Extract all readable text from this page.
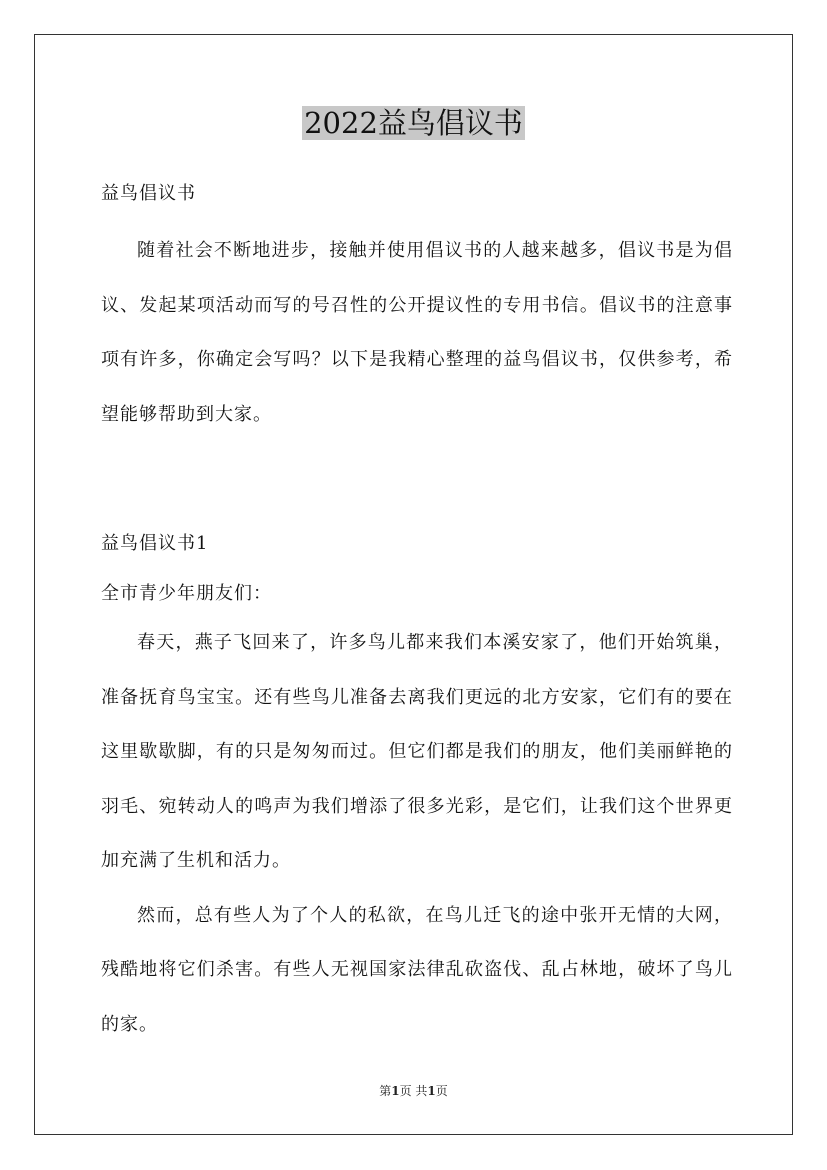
2022益鸟倡议书

益鸟倡议书

随着社会不断地进步，接触并使用倡议书的人越来越多，倡议书是为倡议、发起某项活动而写的号召性的公开提议性的专用书信。倡议书的注意事项有许多，你确定会写吗？以下是我精心整理的益鸟倡议书，仅供参考，希望能够帮助到大家。

益鸟倡议书1

全市青少年朋友们：

春天，燕子飞回来了，许多鸟儿都来我们本溪安家了，他们开始筑巢，准备抚育鸟宝宝。还有些鸟儿准备去离我们更远的北方安家，它们有的要在这里歇歇脚，有的只是匆匆而过。但它们都是我们的朋友，他们美丽鲜艳的羽毛、宛转动人的鸣声为我们增添了很多光彩，是它们，让我们这个世界更加充满了生机和活力。

然而，总有些人为了个人的私欲，在鸟儿迁飞的途中张开无情的大网，残酷地将它们杀害。有些人无视国家法律乱砍盗伐、乱占林地，破坏了鸟儿的家。

第1页 共1页
